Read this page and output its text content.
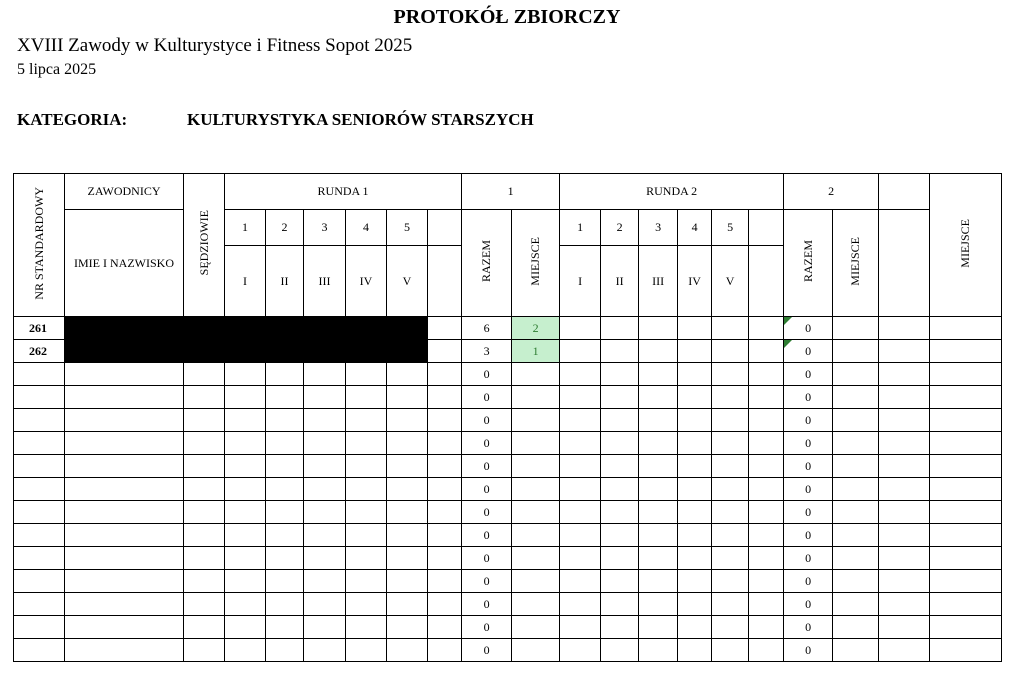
PROTOKÓŁ ZBIORCZY
XVIII Zawody w Kulturystyce i Fitness Sopot 2025
5 lipca 2025
KATEGORIA:	KULTURYSTYKA SENIORÓW STARSZYCH
NR STANDARDOWY	ZAWODNICY	SĘDZIOWIE	RUNDA 1						1		RUNDA 2						2			MIEJSCE
	IMIE I NAZWISKO		1	2	3	4	5		RAZEM	MIEJSCE	1	2	3	4	5		RAZEM	MIEJSCE		
			I	II	III	IV	V				I	II	III	IV	V					
261									6	2							0			
262									3	1							0			
									0								0			
									0								0			
									0								0			
									0								0			
									0								0			
									0								0			
									0								0			
									0								0			
									0								0			
									0								0			
									0								0			
									0								0			
									0								0			
